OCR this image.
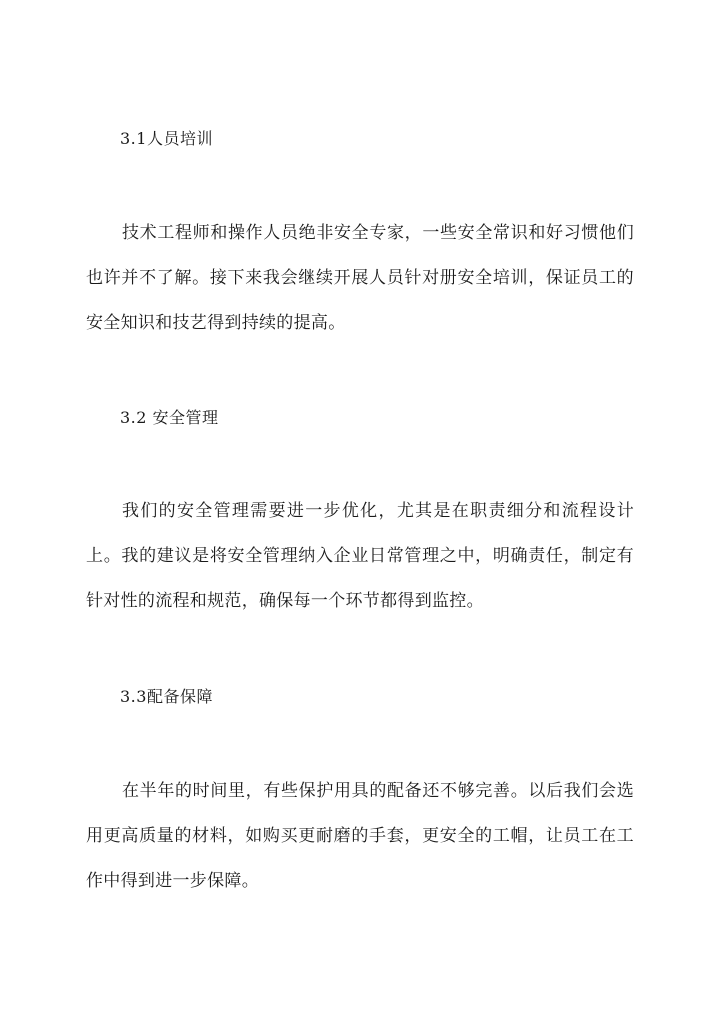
3.1人员培训
技术工程师和操作人员绝非安全专家，一些安全常识和好习惯他们也许并不了解。接下来我会继续开展人员针对册安全培训，保证员工的安全知识和技艺得到持续的提高。
3.2 安全管理
我们的安全管理需要进一步优化，尤其是在职责细分和流程设计上。我的建议是将安全管理纳入企业日常管理之中，明确责任，制定有针对性的流程和规范，确保每一个环节都得到监控。
3.3配备保障
在半年的时间里，有些保护用具的配备还不够完善。以后我们会选用更高质量的材料，如购买更耐磨的手套，更安全的工帽，让员工在工作中得到进一步保障。
